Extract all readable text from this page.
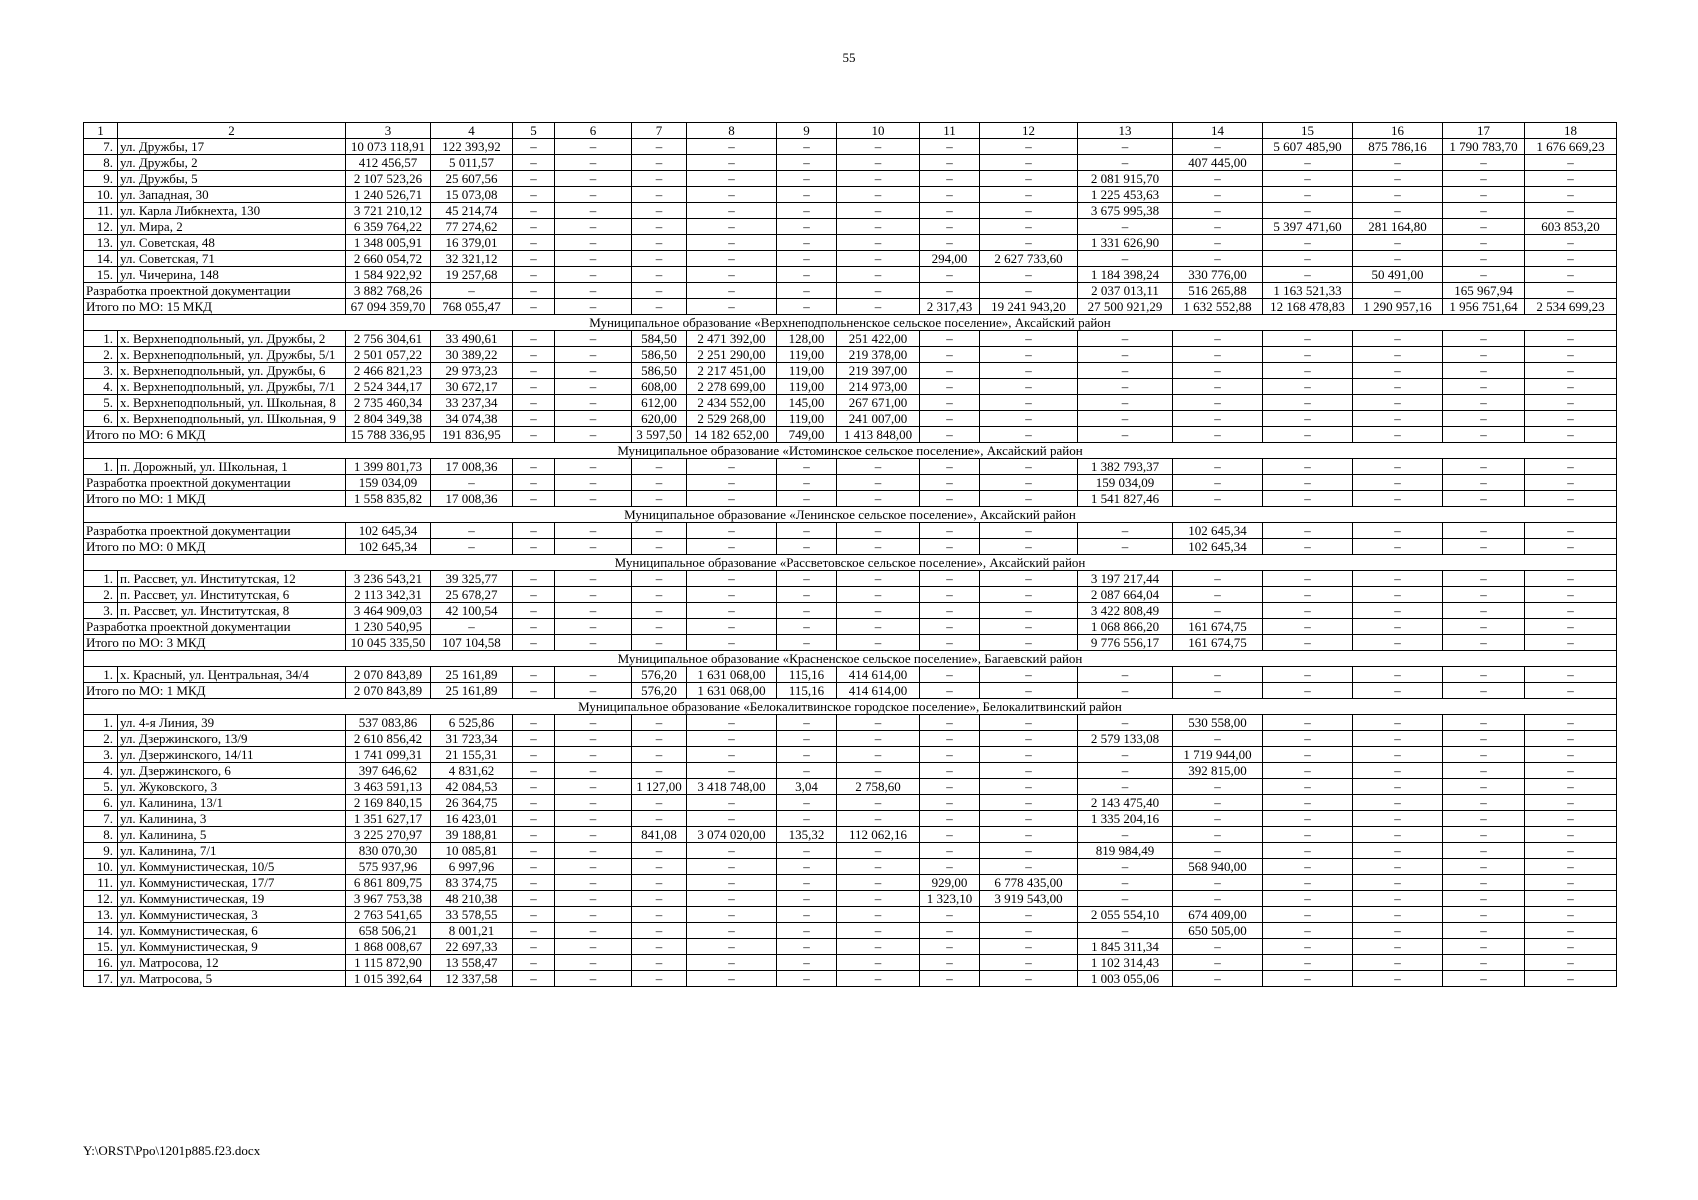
55
1	2	3	4	5	6	7	8	9	10	11	12	13	14	15	16	17	18
7.	ул. Дружбы, 17	10 073 118,91	122 393,92	–	–	–	–	–	–	–	–	–	–	5 607 485,90	875 786,16	1 790 783,70	1 676 669,23
8.	ул. Дружбы, 2	412 456,57	5 011,57	–	–	–	–	–	–	–	–	–	407 445,00	–	–	–	–
9.	ул. Дружбы, 5	2 107 523,26	25 607,56	–	–	–	–	–	–	–	–	2 081 915,70	–	–	–	–	–
10.	ул. Западная, 30	1 240 526,71	15 073,08	–	–	–	–	–	–	–	–	1 225 453,63	–	–	–	–	–
11.	ул. Карла Либкнехта, 130	3 721 210,12	45 214,74	–	–	–	–	–	–	–	–	3 675 995,38	–	–	–	–	–
12.	ул. Мира, 2	6 359 764,22	77 274,62	–	–	–	–	–	–	–	–	–	–	5 397 471,60	281 164,80	–	603 853,20
13.	ул. Советская, 48	1 348 005,91	16 379,01	–	–	–	–	–	–	–	–	1 331 626,90	–	–	–	–	–
14.	ул. Советская, 71	2 660 054,72	32 321,12	–	–	–	–	–	–	294,00	2 627 733,60	–	–	–	–	–	–
15.	ул. Чичерина, 148	1 584 922,92	19 257,68	–	–	–	–	–	–	–	–	1 184 398,24	330 776,00	–	50 491,00	–	–
Разработка проектной документации		3 882 768,26	–	–	–	–	–	–	–	–	–	2 037 013,11	516 265,88	1 163 521,33	–	165 967,94	–
Итого по МО: 15 МКД		67 094 359,70	768 055,47	–	–	–	–	–	–	2 317,43	19 241 943,20	27 500 921,29	1 632 552,88	12 168 478,83	1 290 957,16	1 956 751,64	2 534 699,23
Муниципальное образование «Верхнеподпольненское сельское поселение», Аксайский район																	
1.	х. Верхнеподпольный, ул. Дружбы, 2	2 756 304,61	33 490,61	–	–	584,50	2 471 392,00	128,00	251 422,00	–	–	–	–	–	–	–	–
2.	х. Верхнеподпольный, ул. Дружбы, 5/1	2 501 057,22	30 389,22	–	–	586,50	2 251 290,00	119,00	219 378,00	–	–	–	–	–	–	–	–
3.	х. Верхнеподпольный, ул. Дружбы, 6	2 466 821,23	29 973,23	–	–	586,50	2 217 451,00	119,00	219 397,00	–	–	–	–	–	–	–	–
4.	х. Верхнеподпольный, ул. Дружбы, 7/1	2 524 344,17	30 672,17	–	–	608,00	2 278 699,00	119,00	214 973,00	–	–	–	–	–	–	–	–
5.	х. Верхнеподпольный, ул. Школьная, 8	2 735 460,34	33 237,34	–	–	612,00	2 434 552,00	145,00	267 671,00	–	–	–	–	–	–	–	–
6.	х. Верхнеподпольный, ул. Школьная, 9	2 804 349,38	34 074,38	–	–	620,00	2 529 268,00	119,00	241 007,00	–	–	–	–	–	–	–	–
Итого по МО: 6 МКД		15 788 336,95	191 836,95	–	–	3 597,50	14 182 652,00	749,00	1 413 848,00	–	–	–	–	–	–	–	–
Муниципальное образование «Истоминское сельское поселение», Аксайский район																	
1.	п. Дорожный, ул. Школьная, 1	1 399 801,73	17 008,36	–	–	–	–	–	–	–	–	1 382 793,37	–	–	–	–	–
Разработка проектной документации		159 034,09	–	–	–	–	–	–	–	–	–	159 034,09	–	–	–	–	–
Итого по МО: 1 МКД		1 558 835,82	17 008,36	–	–	–	–	–	–	–	–	1 541 827,46	–	–	–	–	–
Муниципальное образование «Ленинское сельское поселение», Аксайский район																	
Разработка проектной документации		102 645,34	–	–	–	–	–	–	–	–	–	–	102 645,34	–	–	–	–
Итого по МО: 0 МКД		102 645,34	–	–	–	–	–	–	–	–	–	–	102 645,34	–	–	–	–
Муниципальное образование «Рассветовское сельское поселение», Аксайский район																	
1.	п. Рассвет, ул. Институтская, 12	3 236 543,21	39 325,77	–	–	–	–	–	–	–	–	3 197 217,44	–	–	–	–	–
2.	п. Рассвет, ул. Институтская, 6	2 113 342,31	25 678,27	–	–	–	–	–	–	–	–	2 087 664,04	–	–	–	–	–
3.	п. Рассвет, ул. Институтская, 8	3 464 909,03	42 100,54	–	–	–	–	–	–	–	–	3 422 808,49	–	–	–	–	–
Разработка проектной документации		1 230 540,95	–	–	–	–	–	–	–	–	–	1 068 866,20	161 674,75	–	–	–	–
Итого по МО: 3 МКД		10 045 335,50	107 104,58	–	–	–	–	–	–	–	–	9 776 556,17	161 674,75	–	–	–	–
Муниципальное образование «Красненское сельское поселение», Багаевский район																	
1.	х. Красный, ул. Центральная, 34/4	2 070 843,89	25 161,89	–	–	576,20	1 631 068,00	115,16	414 614,00	–	–	–	–	–	–	–	–
Итого по МО: 1 МКД		2 070 843,89	25 161,89	–	–	576,20	1 631 068,00	115,16	414 614,00	–	–	–	–	–	–	–	–
Муниципальное образование «Белокалитвинское городское поселение», Белокалитвинский район																	
1.	ул. 4-я Линия, 39	537 083,86	6 525,86	–	–	–	–	–	–	–	–	–	530 558,00	–	–	–	–
2.	ул. Дзержинского, 13/9	2 610 856,42	31 723,34	–	–	–	–	–	–	–	–	2 579 133,08	–	–	–	–	–
3.	ул. Дзержинского, 14/11	1 741 099,31	21 155,31	–	–	–	–	–	–	–	–	–	1 719 944,00	–	–	–	–
4.	ул. Дзержинского, 6	397 646,62	4 831,62	–	–	–	–	–	–	–	–	–	392 815,00	–	–	–	–
5.	ул. Жуковского, 3	3 463 591,13	42 084,53	–	–	1 127,00	3 418 748,00	3,04	2 758,60	–	–	–	–	–	–	–	–
6.	ул. Калинина, 13/1	2 169 840,15	26 364,75	–	–	–	–	–	–	–	–	2 143 475,40	–	–	–	–	–
7.	ул. Калинина, 3	1 351 627,17	16 423,01	–	–	–	–	–	–	–	–	1 335 204,16	–	–	–	–	–
8.	ул. Калинина, 5	3 225 270,97	39 188,81	–	–	841,08	3 074 020,00	135,32	112 062,16	–	–	–	–	–	–	–	–
9.	ул. Калинина, 7/1	830 070,30	10 085,81	–	–	–	–	–	–	–	–	819 984,49	–	–	–	–	–
10.	ул. Коммунистическая, 10/5	575 937,96	6 997,96	–	–	–	–	–	–	–	–	–	568 940,00	–	–	–	–
11.	ул. Коммунистическая, 17/7	6 861 809,75	83 374,75	–	–	–	–	–	–	929,00	6 778 435,00	–	–	–	–	–	–
12.	ул. Коммунистическая, 19	3 967 753,38	48 210,38	–	–	–	–	–	–	1 323,10	3 919 543,00	–	–	–	–	–	–
13.	ул. Коммунистическая, 3	2 763 541,65	33 578,55	–	–	–	–	–	–	–	–	2 055 554,10	674 409,00	–	–	–	–
14.	ул. Коммунистическая, 6	658 506,21	8 001,21	–	–	–	–	–	–	–	–	–	650 505,00	–	–	–	–
15.	ул. Коммунистическая, 9	1 868 008,67	22 697,33	–	–	–	–	–	–	–	–	1 845 311,34	–	–	–	–	–
16.	ул. Матросова, 12	1 115 872,90	13 558,47	–	–	–	–	–	–	–	–	1 102 314,43	–	–	–	–	–
17.	ул. Матросова, 5	1 015 392,64	12 337,58	–	–	–	–	–	–	–	–	1 003 055,06	–	–	–	–	–
Y:\ORST\Ppo\1201p885.f23.docx
